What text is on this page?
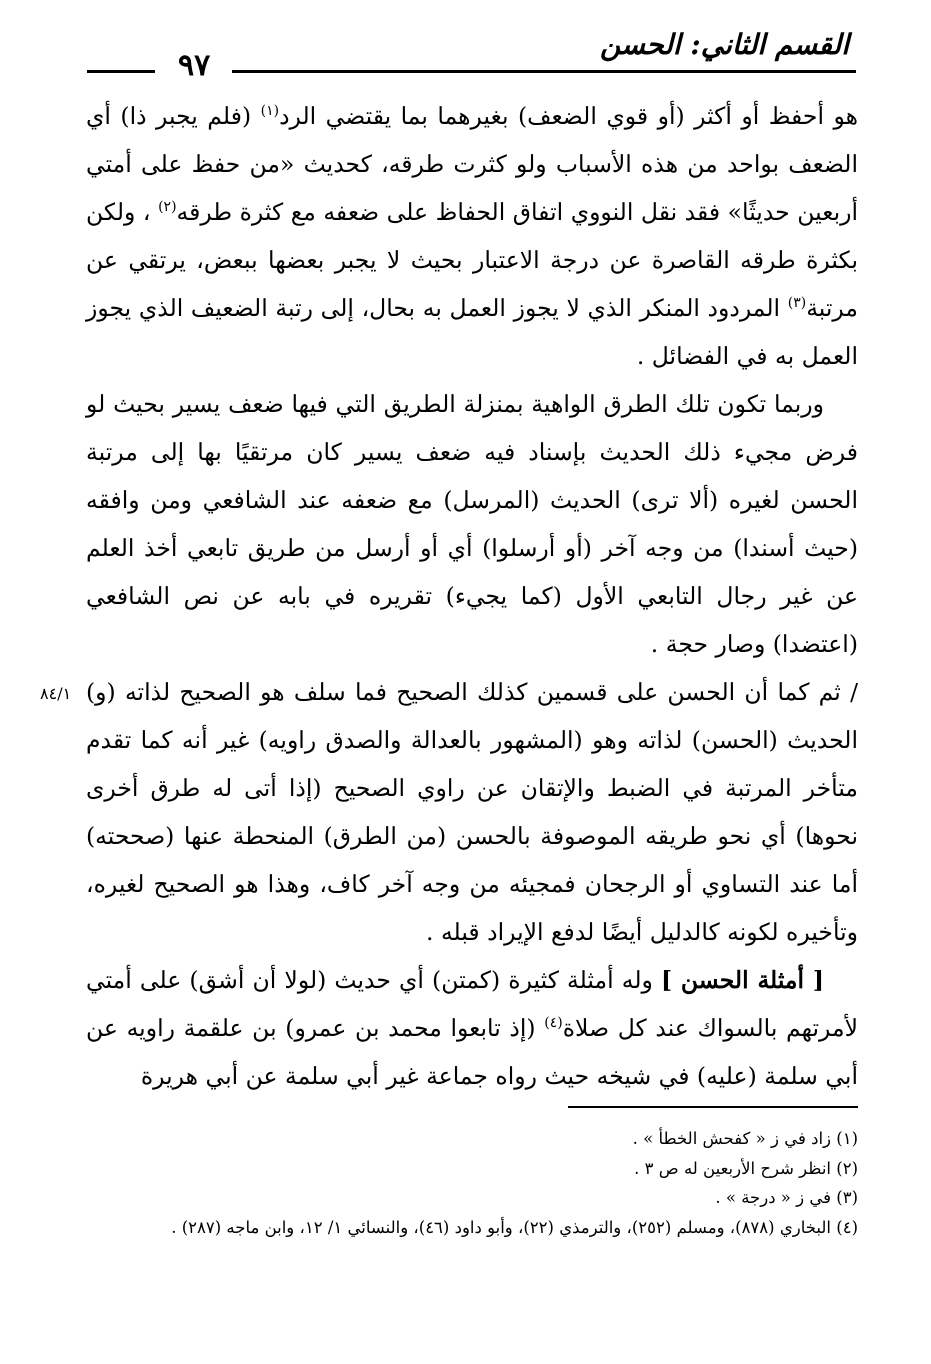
القسم الثاني: الحسن
٩٧

هو أحفظ أو أكثر (أو قوي الضعف) بغيرهما بما يقتضي الرد$^{(١)}$ (فلم يجبر ذا) أي الضعف بواحد من هذه الأسباب ولو كثرت طرقه، كحديث «من حفظ على أمتي أربعين حديثًا» فقد نقل النووي اتفاق الحفاظ على ضعفه مع كثرة طرقه$^{(٢)}$ ، ولكن بكثرة طرقه القاصرة عن درجة الاعتبار بحيث لا يجبر بعضها ببعض، يرتقي عن مرتبة$^{(٣)}$ المردود المنكر الذي لا يجوز العمل به بحال، إلى رتبة الضعيف الذي يجوز العمل به في الفضائل .

وربما تكون تلك الطرق الواهية بمنزلة الطريق التي فيها ضعف يسير بحيث لو فرض مجيء ذلك الحديث بإسناد فيه ضعف يسير كان مرتقيًا بها إلى مرتبة الحسن لغيره (ألا ترى) الحديث (المرسل) مع ضعفه عند الشافعي ومن وافقه (حيث أسندا) من وجه آخر (أو أرسلوا) أي أو أرسل من طريق تابعي أخذ العلم عن غير رجال التابعي الأول (كما يجيء) تقريره في بابه عن نص الشافعي (اعتضدا) وصار حجة .

/ ثم كما أن الحسن على قسمين كذلك الصحيح فما سلف هو الصحيح لذاته (و) الحديث (الحسن) لذاته وهو (المشهور بالعدالة والصدق راويه) غير أنه كما تقدم متأخر المرتبة في الضبط والإتقان عن راوي الصحيح (إذا أتى له طرق أخرى نحوها) أي نحو طريقه الموصوفة بالحسن (من الطرق) المنحطة عنها (صححته) أما عند التساوي أو الرجحان فمجيئه من وجه آخر كاف، وهذا هو الصحيح لغيره، وتأخيره لكونه كالدليل أيضًا لدفع الإيراد قبله .

[ أمثلة الحسن ] وله أمثلة كثيرة (كمتن) أي حديث (لولا أن أشق) على أمتي لأمرتهم بالسواك عند كل صلاة$^{(٤)}$ (إذ تابعوا محمد بن عمرو) بن علقمة راويه عن أبي سلمة (عليه) في شيخه حيث رواه جماعة غير أبي سلمة عن أبي هريرة

٨٤/١
(١) زاد في ز « كفحش الخطأ » .
(٢) انظر شرح الأربعين له ص ٣ .
(٣) في ز « درجة » .
(٤) البخاري (٨٧٨)، ومسلم (٢٥٢)، والترمذي (٢٢)، وأبو داود (٤٦)، والنسائي ١/ ١٢، وابن ماجه (٢٨٧) .
